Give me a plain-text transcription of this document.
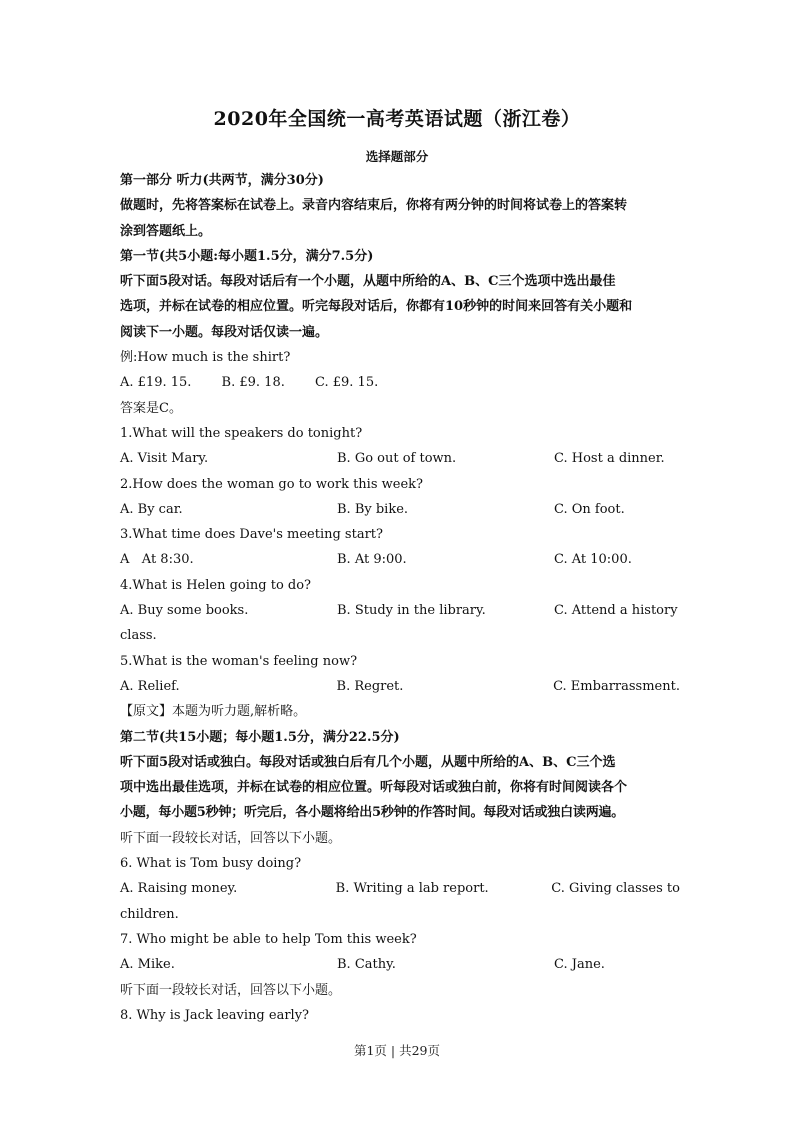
2020年全国统一高考英语试题（浙江卷）
选择题部分
第一部分 听力(共两节，满分30分)
做题时，先将答案标在试卷上。录音内容结束后，你将有两分钟的时间将试卷上的答案转
涂到答题纸上。
第一节(共5小题:每小题1.5分，满分7.5分)
听下面5段对话。每段对话后有一个小题，从题中所给的A、B、C三个选项中选出最佳
选项，并标在试卷的相应位置。听完每段对话后，你都有10秒钟的时间来回答有关小题和
阅读下一小题。每段对话仅读一遍。
例:How much is the shirt?
A. £19. 15. B. £9. 18. C. £9. 15.
答案是C。
1.What will the speakers do tonight?
A. Visit Mary.	B. Go out of town.	C. Host a dinner.
2.How does the woman go to work this week?
A. By car.	B. By bike.	C. On foot.
3.What time does Dave's meeting start?
A   At 8:30.	B. At 9:00.	C. At 10:00.
4.What is Helen going to do?
A. Buy some books.	B. Study in the library.	C. Attend a history
class.
5.What is the woman's feeling now?
A. Relief.	B. Regret.	C. Embarrassment.
【原文】本题为听力题,解析略。
第二节(共15小题；每小题1.5分，满分22.5分)
听下面5段对话或独白。每段对话或独白后有几个小题，从题中所给的A、B、C三个选
项中选出最佳选项，并标在试卷的相应位置。听每段对话或独白前，你将有时间阅读各个
小题，每小题5秒钟；听完后，各小题将给出5秒钟的作答时间。每段对话或独白读两遍。
听下面一段较长对话，回答以下小题。
6. What is Tom busy doing?
A. Raising money.	B. Writing a lab report.	C. Giving classes to
children.
7. Who might be able to help Tom this week?
A. Mike.	B. Cathy.	C. Jane.
听下面一段较长对话，回答以下小题。
8. Why is Jack leaving early?
第1页 | 共29页
